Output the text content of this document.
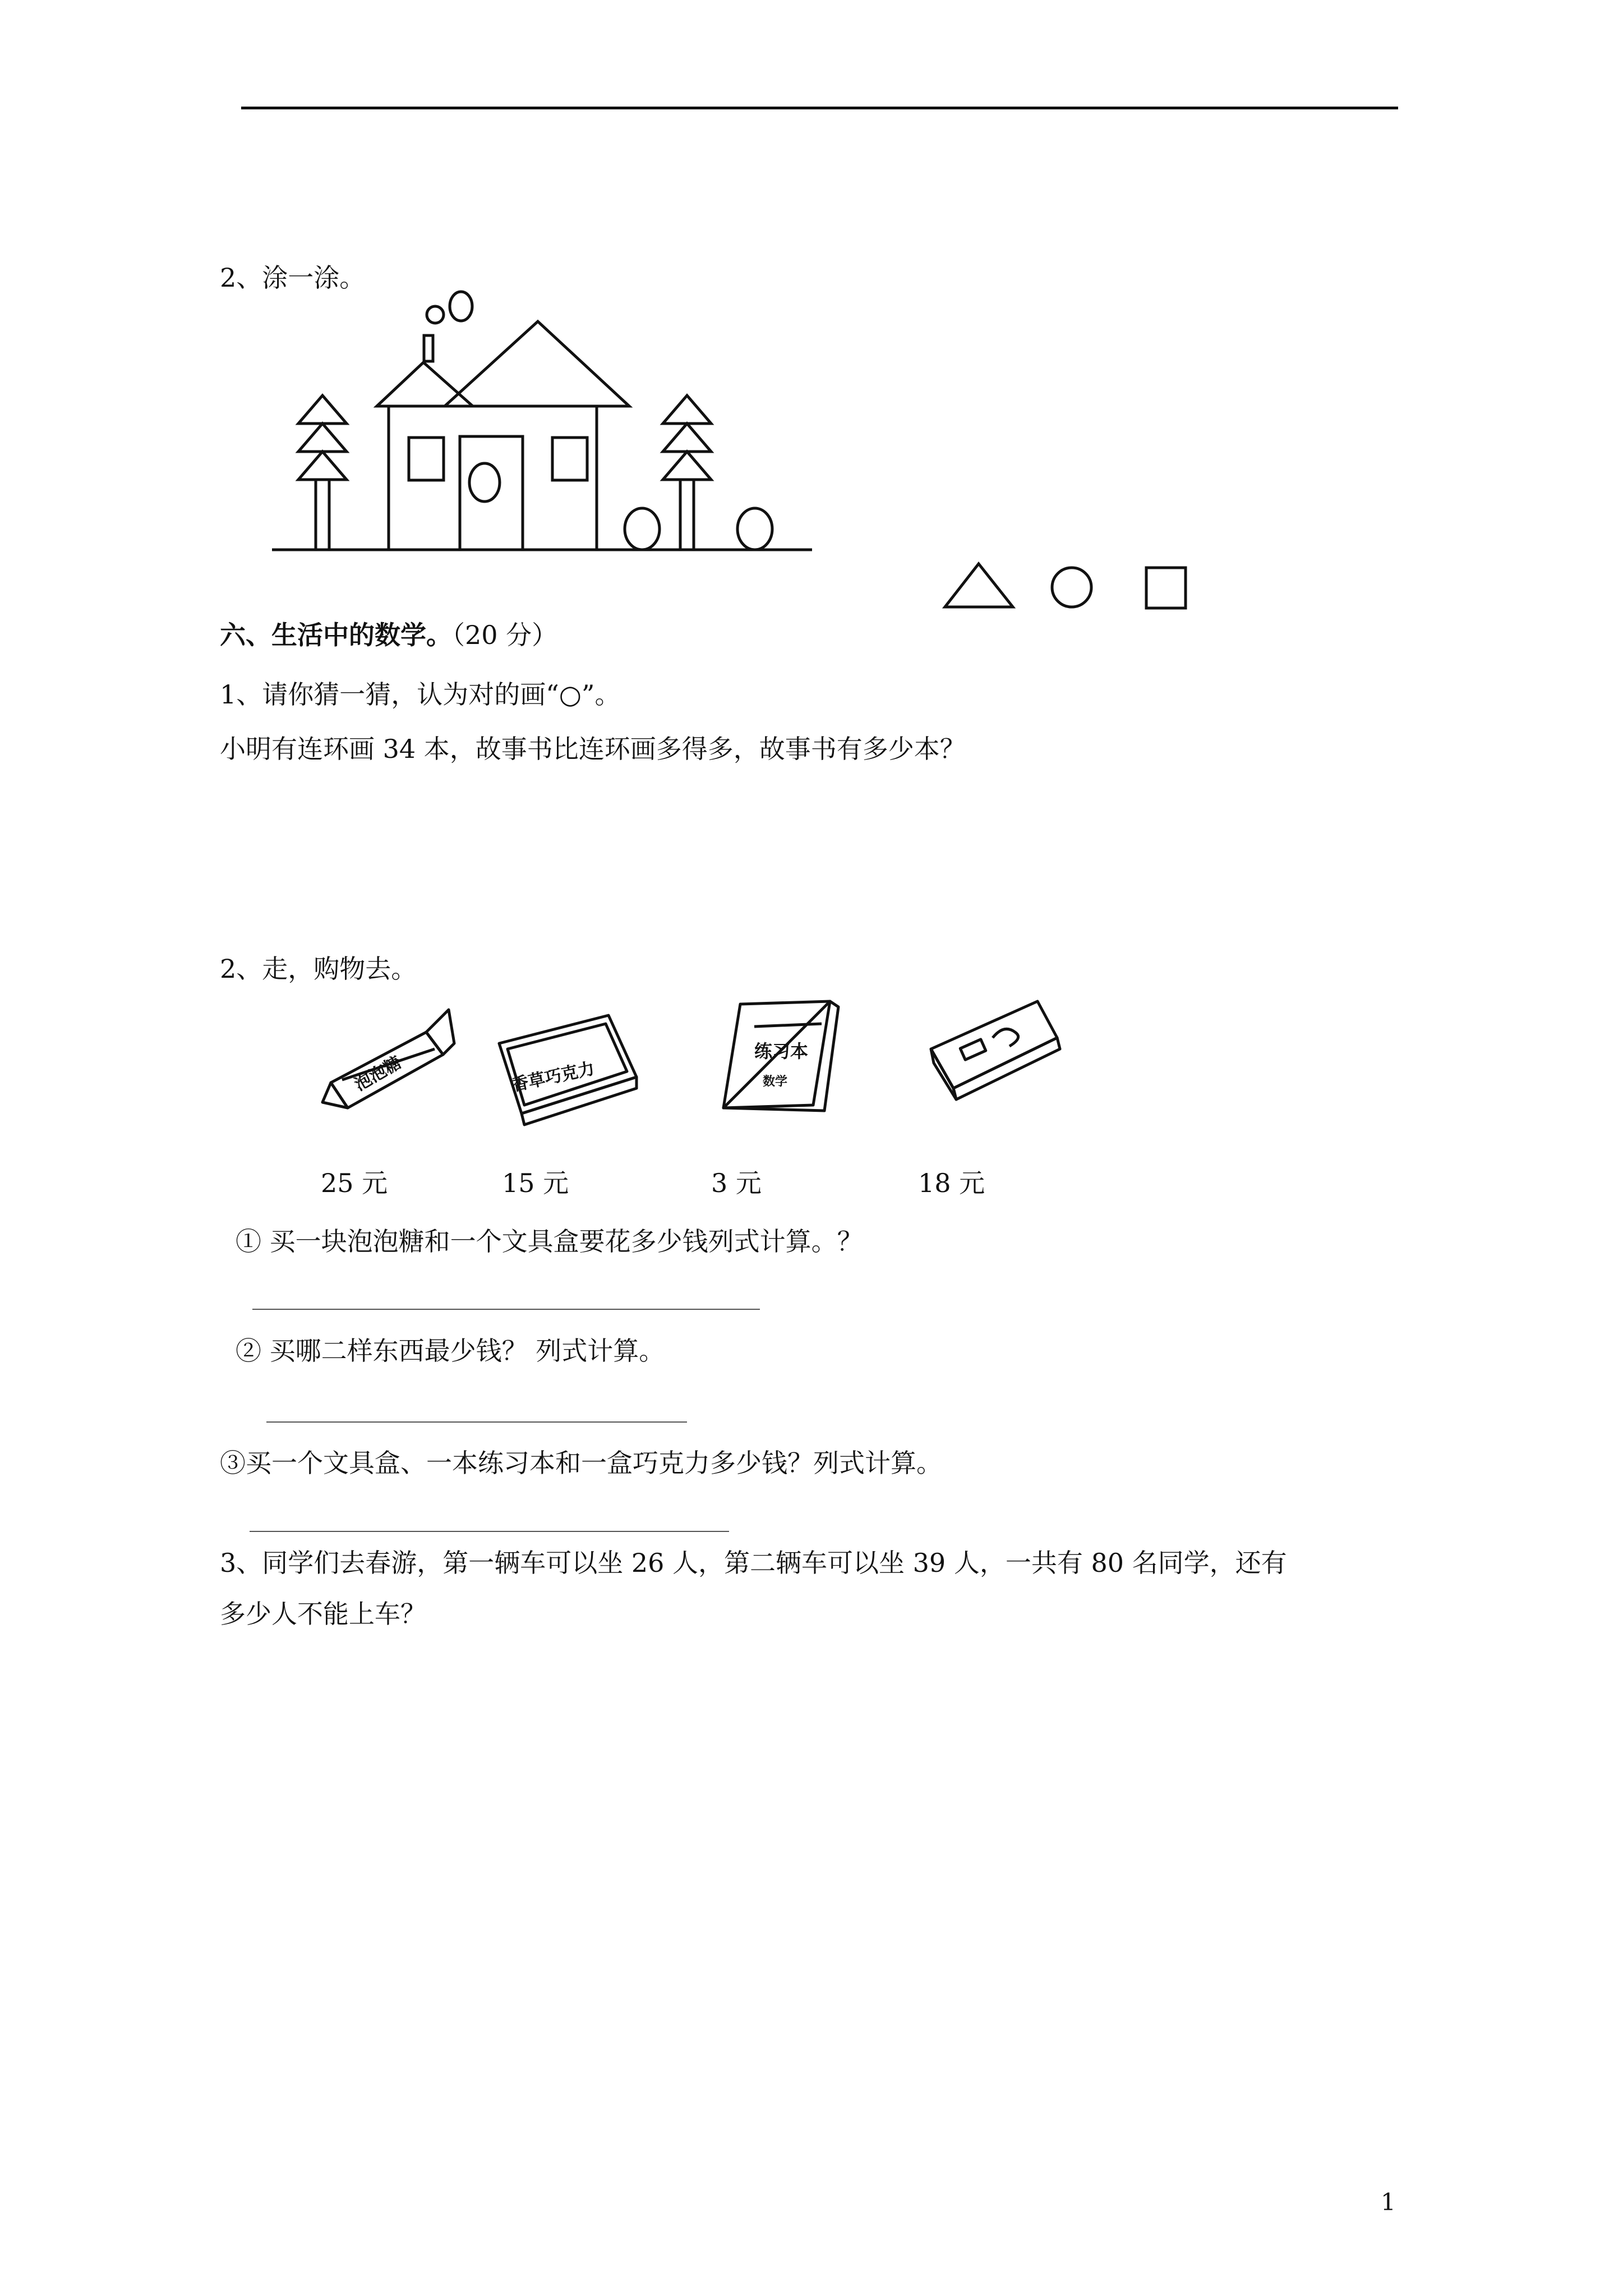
2、涂一涂。
六、生活中的数学。（20 分）
1、请你猜一猜，认为对的画“○”。
小明有连环画 34 本，故事书比连环画多得多，故事书有多少本？
2、走，购物去。
泡泡糖	香草巧克力
练习本
数学
25 元	15 元	3 元	18 元
① 买一块泡泡糖和一个文具盒要花多少钱列式计算。？
② 买哪二样东西最少钱？ 列式计算。
③买一个文具盒、一本练习本和一盒巧克力多少钱？列式计算。
3、同学们去春游，第一辆车可以坐 26 人，第二辆车可以坐 39 人，一共有 80 名同学，还有
多少人不能上车？
1
